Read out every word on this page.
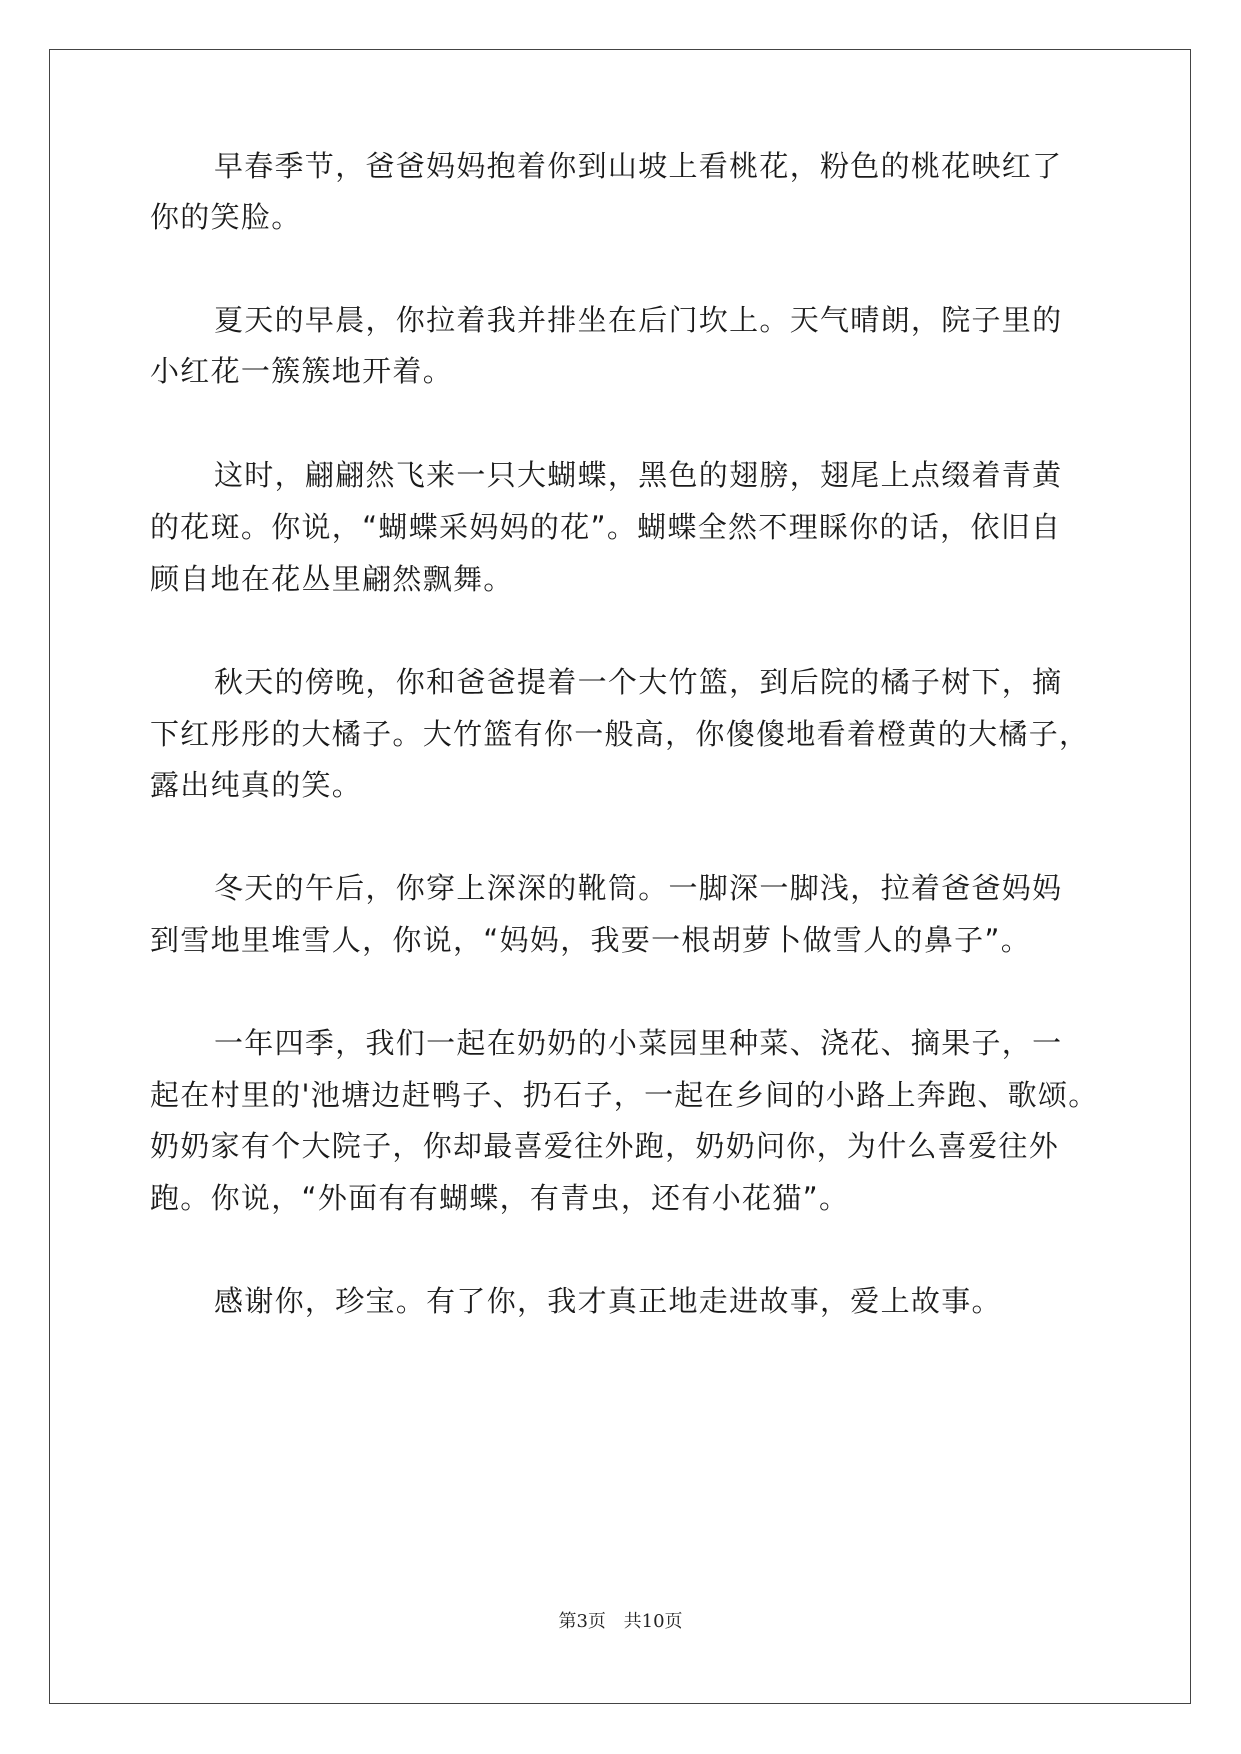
早春季节，爸爸妈妈抱着你到山坡上看桃花，粉色的桃花映红了
你的笑脸。
夏天的早晨，你拉着我并排坐在后门坎上。天气晴朗，院子里的
小红花一簇簇地开着。
这时，翩翩然飞来一只大蝴蝶，黑色的翅膀，翅尾上点缀着青黄
的花斑。你说，“蝴蝶采妈妈的花”。蝴蝶全然不理睬你的话，依旧自
顾自地在花丛里翩然飘舞。
秋天的傍晚，你和爸爸提着一个大竹篮，到后院的橘子树下，摘
下红彤彤的大橘子。大竹篮有你一般高，你傻傻地看着橙黄的大橘子，
露出纯真的笑。
冬天的午后，你穿上深深的靴筒。一脚深一脚浅，拉着爸爸妈妈
到雪地里堆雪人，你说，“妈妈，我要一根胡萝卜做雪人的鼻子”。
一年四季，我们一起在奶奶的小菜园里种菜、浇花、摘果子，一
起在村里的'池塘边赶鸭子、扔石子，一起在乡间的小路上奔跑、歌颂。
奶奶家有个大院子，你却最喜爱往外跑，奶奶问你，为什么喜爱往外
跑。你说，“外面有有蝴蝶，有青虫，还有小花猫”。
感谢你，珍宝。有了你，我才真正地走进故事，爱上故事。
第3页 共10页
